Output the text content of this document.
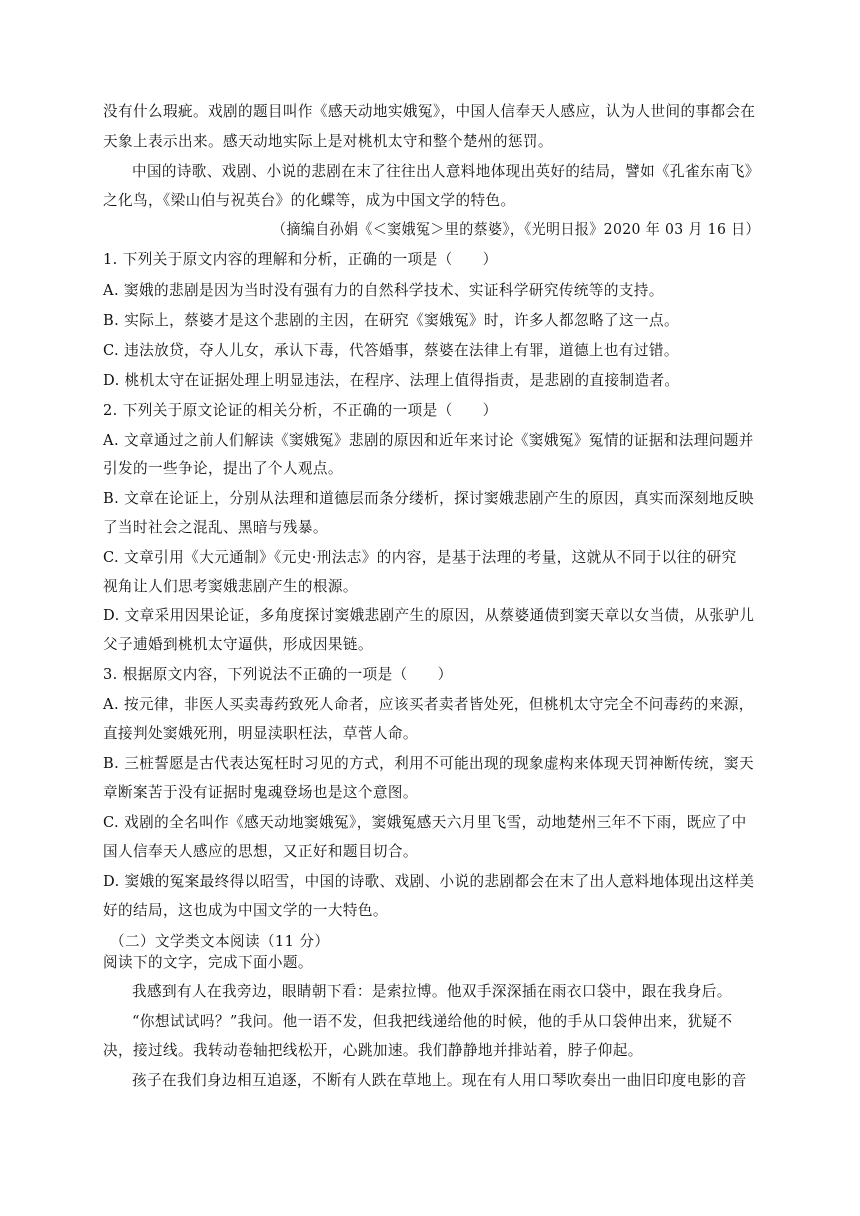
没有什么瑕疵。戏剧的题目叫作《感天动地实娥冤》，中国人信奉天人感应，认为人世间的事都会在
天象上表示出来。感天动地实际上是对桃机太守和整个楚州的惩罚。
中国的诗歌、戏剧、小说的悲剧在末了往往出人意料地体现出英好的结局，譬如《孔雀东南飞》
之化鸟，《梁山伯与祝英台》的化蝶等，成为中国文学的特色。
（摘编自孙娟《＜窦娥冤＞里的蔡婆》，《光明日报》2020 年 03 月 16 日）
1. 下列关于原文内容的理解和分析，正确的一项是（　　）
A. 窦娥的悲剧是因为当时没有强有力的自然科学技术、实证科学研究传统等的支持。
B. 实际上，蔡婆才是这个悲剧的主因，在研究《窦娥冤》时，许多人都忽略了这一点。
C. 违法放贷，夺人儿女，承认下毒，代答婚事，蔡婆在法律上有罪，道德上也有过错。
D. 桃机太守在证据处理上明显违法，在程序、法理上值得指责，是悲剧的直接制造者。
2. 下列关于原文论证的相关分析，不正确的一项是（　　）
A. 文章通过之前人们解读《窦娥冤》悲剧的原因和近年来讨论《窦娥冤》冤情的证据和法理问题并
引发的一些争论，提出了个人观点。
B. 文章在论证上，分别从法理和道德层而条分缕析，探讨窦娥悲剧产生的原因，真实而深刻地反映
了当时社会之混乱、黑暗与残暴。
C. 文章引用《大元通制》《元史·刑法志》的内容，是基于法理的考量，这就从不同于以往的研究
视角让人们思考窦娥悲剧产生的根源。
D. 文章采用因果论证，多角度探讨窦娥悲剧产生的原因，从蔡婆通债到窦天章以女当债，从张驴儿
父子逋婚到桃机太守逼供，形成因果链。
3. 根据原文内容，下列说法不正确的一项是（　　）
A. 按元律，非医人买卖毒药致死人命者，应该买者卖者皆处死，但桃机太守完全不问毒药的来源，
直接判处窦娥死刑，明显渎职枉法，草菅人命。
B. 三桩誓愿是古代表达冤枉时习见的方式，利用不可能出现的现象虚构来体现天罚神断传统，窦天
章断案苦于没有证据时鬼魂登场也是这个意图。
C. 戏剧的全名叫作《感天动地窦娥冤》，窦娥冤感天六月里飞雪，动地楚州三年不下雨，既应了中
国人信奉天人感应的思想，又正好和题目切合。
D. 窦娥的冤案最终得以昭雪，中国的诗歌、戏剧、小说的悲剧都会在末了出人意料地体现出这样美
好的结局，这也成为中国文学的一大特色。
（二）文学类文本阅读（11 分）
阅读下的文字，完成下面小题。
我感到有人在我旁边，眼睛朝下看：是索拉博。他双手深深插在雨衣口袋中，跟在我身后。
“你想试试吗？”我问。他一语不发，但我把线递给他的时候，他的手从口袋伸出来，犹疑不
决，接过线。我转动卷轴把线松开，心跳加速。我们静静地并排站着，脖子仰起。
孩子在我们身边相互追逐，不断有人跌在草地上。现在有人用口琴吹奏出一曲旧印度电影的音
